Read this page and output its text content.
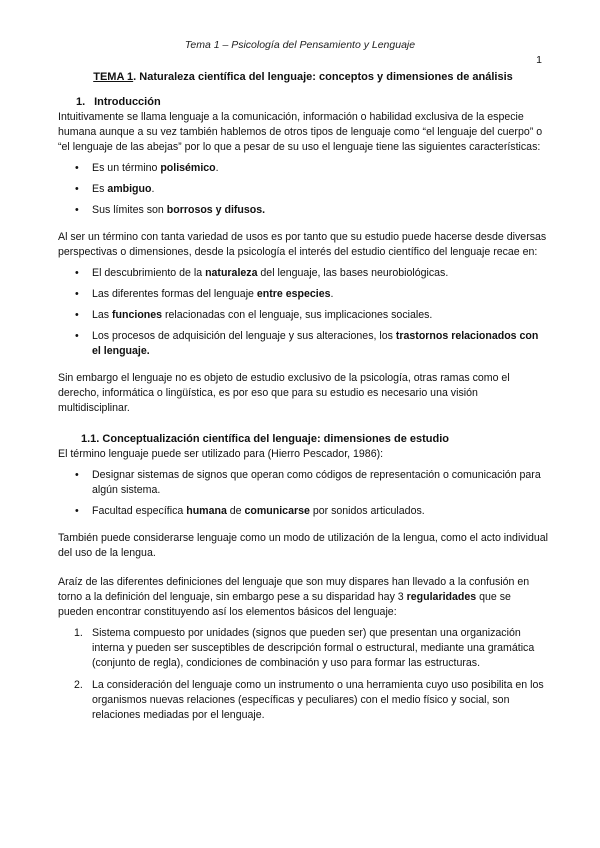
Tema 1 – Psicología del Pensamiento y Lenguaje
1

TEMA 1. Naturaleza científica del lenguaje: conceptos y dimensiones de análisis

1. Introducción

Intuitivamente se llama lenguaje a la comunicación, información o habilidad exclusiva de la especie humana aunque a su vez también hablemos de otros tipos de lenguaje como “el lenguaje del cuerpo” o “el lenguaje de las abejas” por lo que a pesar de su uso el lenguaje tiene las siguientes características:

• Es un término polisémico.
• Es ambiguo.
• Sus límites son borrosos y difusos.

Al ser un término con tanta variedad de usos es por tanto que su estudio puede hacerse desde diversas perspectivas o dimensiones, desde la psicología el interés del estudio científico del lenguaje recae en:

• El descubrimiento de la naturaleza del lenguaje, las bases neurobiológicas.
• Las diferentes formas del lenguaje entre especies.
• Las funciones relacionadas con el lenguaje, sus implicaciones sociales.
• Los procesos de adquisición del lenguaje y sus alteraciones, los trastornos relacionados con el lenguaje.

Sin embargo el lenguaje no es objeto de estudio exclusivo de la psicología, otras ramas como el derecho, informática o lingüística, es por eso que para su estudio es necesario una visión multidisciplinar.

1.1. Conceptualización científica del lenguaje: dimensiones de estudio

El término lenguaje puede ser utilizado para (Hierro Pescador, 1986):

• Designar sistemas de signos que operan como códigos de representación o comunicación para algún sistema.
• Facultad específica humana de comunicarse por sonidos articulados.

También puede considerarse lenguaje como un modo de utilización de la lengua, como el acto individual del uso de la lengua.

Araíz de las diferentes definiciones del lenguaje que son muy dispares han llevado a la confusión en torno a la definición del lenguaje, sin embargo pese a su disparidad hay 3 regularidades que se pueden encontrar constituyendo así los elementos básicos del lenguaje:

1. Sistema compuesto por unidades (signos que pueden ser) que presentan una organización interna y pueden ser susceptibles de descripción formal o estructural, mediante una gramática (conjunto de regla), condiciones de combinación y uso para formar las estructuras.
2. La consideración del lenguaje como un instrumento o una herramienta cuyo uso posibilita en los organismos nuevas relaciones (específicas y peculiares) con el medio físico y social, son relaciones mediadas por el lenguaje.
